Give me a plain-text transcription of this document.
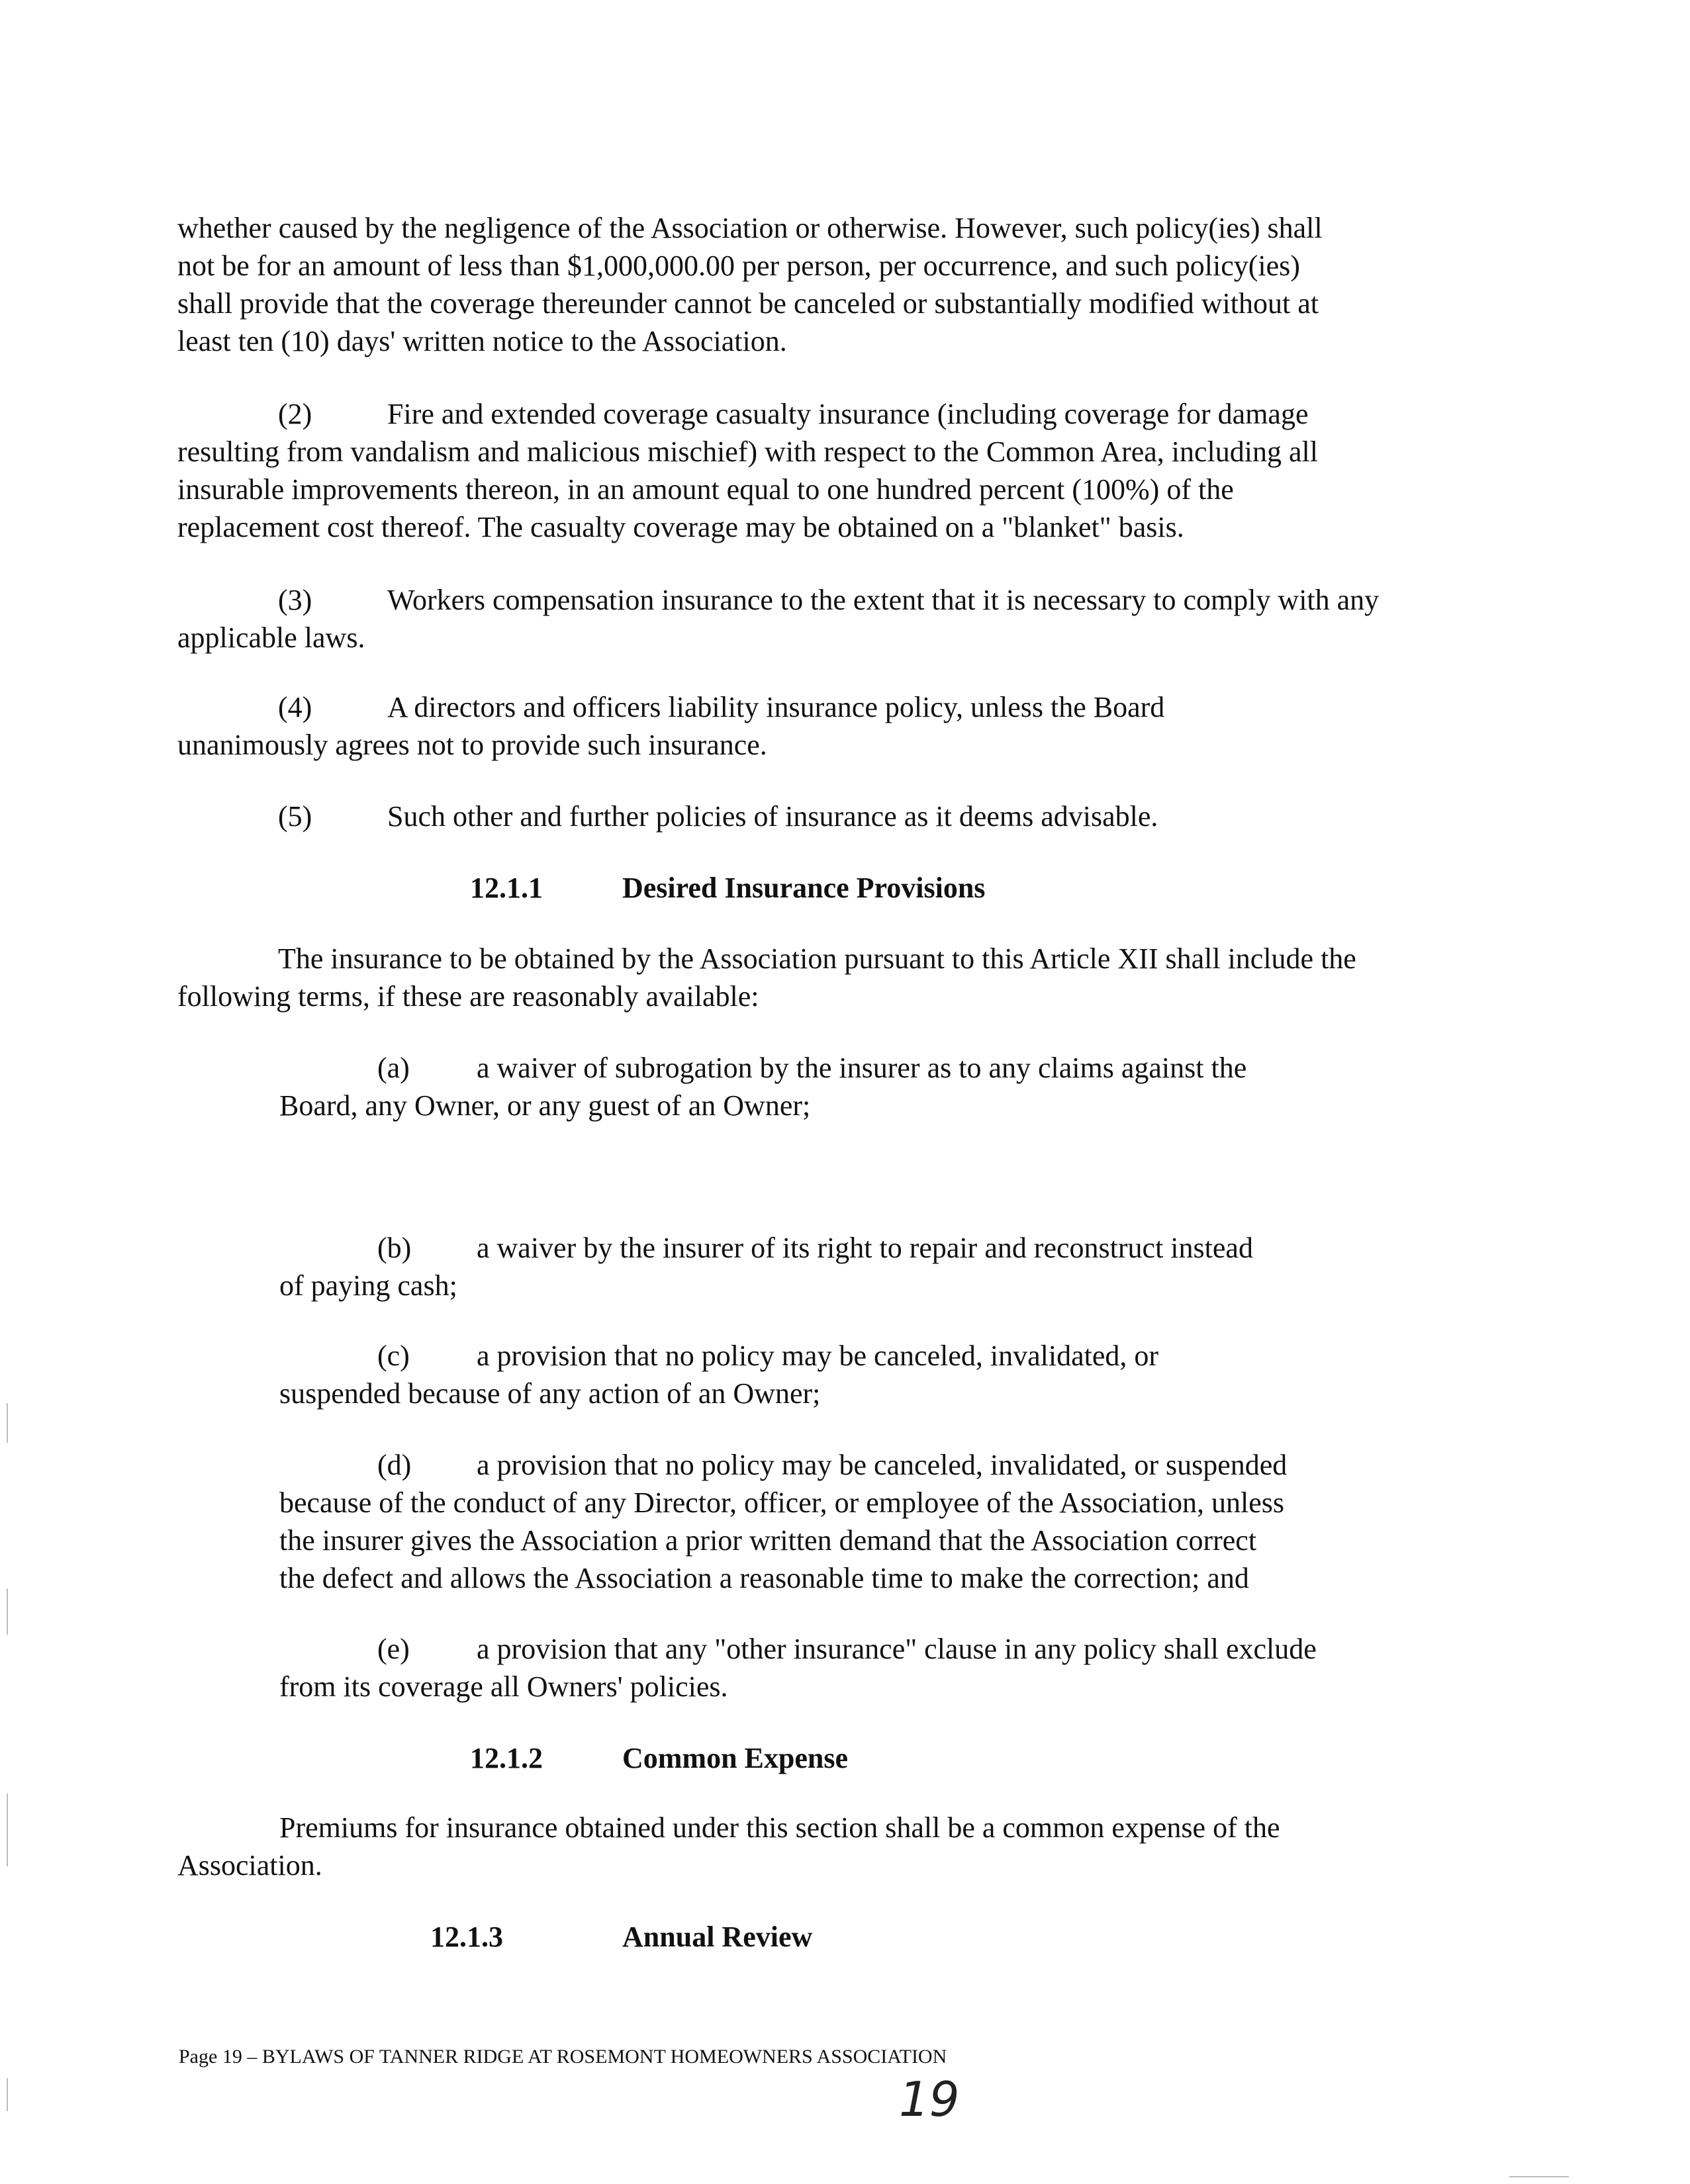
whether caused by the negligence of the Association or otherwise. However, such policy(ies) shall

not be for an amount of less than $1,000,000.00 per person, per occurrence, and such policy(ies)

shall provide that the coverage thereunder cannot be canceled or substantially modified without at

least ten (10) days' written notice to the Association.

(2)	Fire and extended coverage casualty insurance (including coverage for damage

resulting from vandalism and malicious mischief) with respect to the Common Area, including all

insurable improvements thereon, in an amount equal to one hundred percent (100%) of the

replacement cost thereof. The casualty coverage may be obtained on a "blanket" basis.

(3)	Workers compensation insurance to the extent that it is necessary to comply with any

applicable laws.

(4)	A directors and officers liability insurance policy, unless the Board

unanimously agrees not to provide such insurance.

(5)	Such other and further policies of insurance as it deems advisable.

12.1.1	Desired Insurance Provisions

The insurance to be obtained by the Association pursuant to this Article XII shall include the

following terms, if these are reasonably available:

(a) a waiver of subrogation by the insurer as to any claims against the

Board, any Owner, or any guest of an Owner;

(b) a waiver by the insurer of its right to repair and reconstruct instead

of paying cash;

(c) a provision that no policy may be canceled, invalidated, or

suspended because of any action of an Owner;

(d) a provision that no policy may be canceled, invalidated, or suspended

because of the conduct of any Director, officer, or employee of the Association, unless

the insurer gives the Association a prior written demand that the Association correct

the defect and allows the Association a reasonable time to make the correction; and

(e) a provision that any "other insurance" clause in any policy shall exclude

from its coverage all Owners' policies.

12.1.2	Common Expense

Premiums for insurance obtained under this section shall be a common expense of the

Association.

12.1.3	Annual Review
Page 19 – BYLAWS OF TANNER RIDGE AT ROSEMONT HOMEOWNERS ASSOCIATION
19
